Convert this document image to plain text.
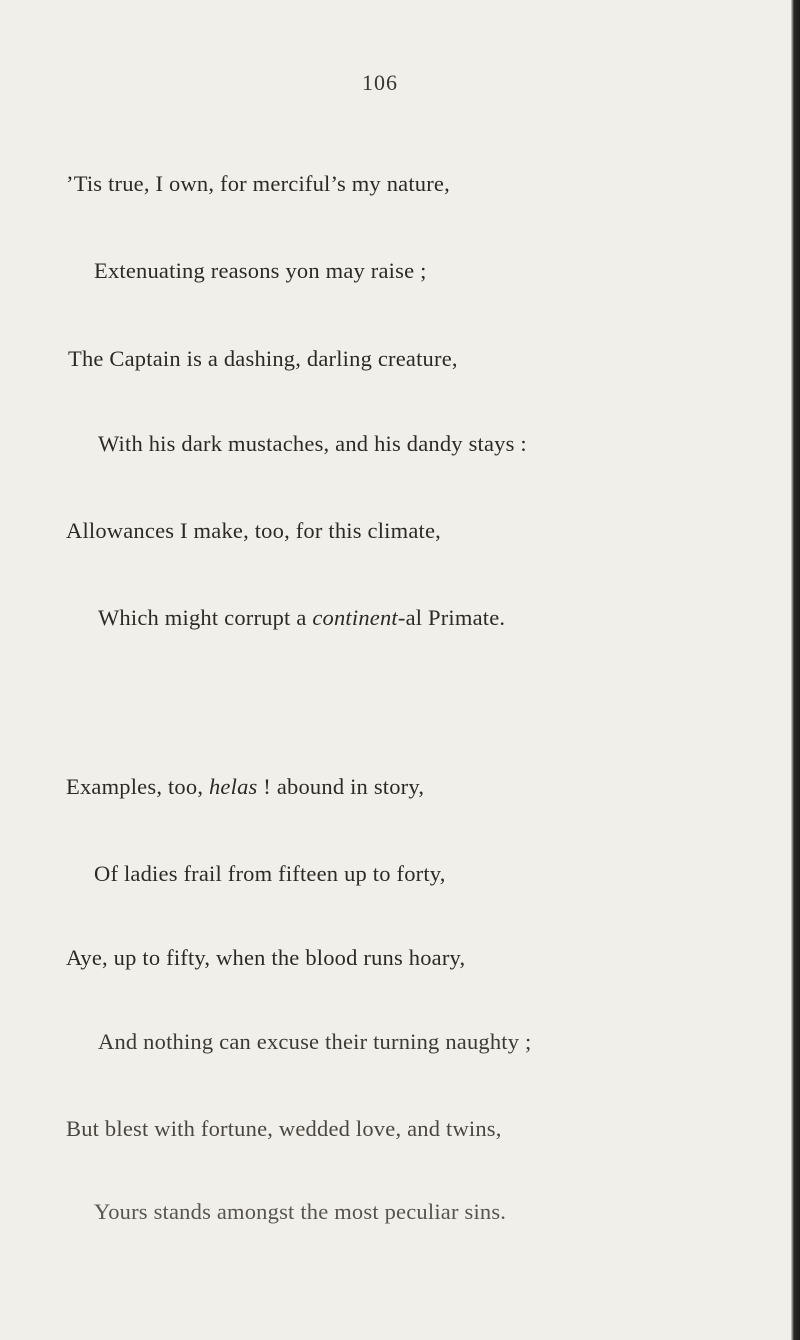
106
’Tis true, I own, for merciful’s my nature,
Extenuating reasons yon may raise ;
The Captain is a dashing, darling creature,
With his dark mustaches, and his dandy stays :
Allowances I make, too, for this climate,
Which might corrupt a continent-al Primate.
Examples, too, helas ! abound in story,
Of ladies frail from fifteen up to forty,
Aye, up to fifty, when the blood runs hoary,
And nothing can excuse their turning naughty ;
But blest with fortune, wedded love, and twins,
Yours stands amongst the most peculiar sins.
